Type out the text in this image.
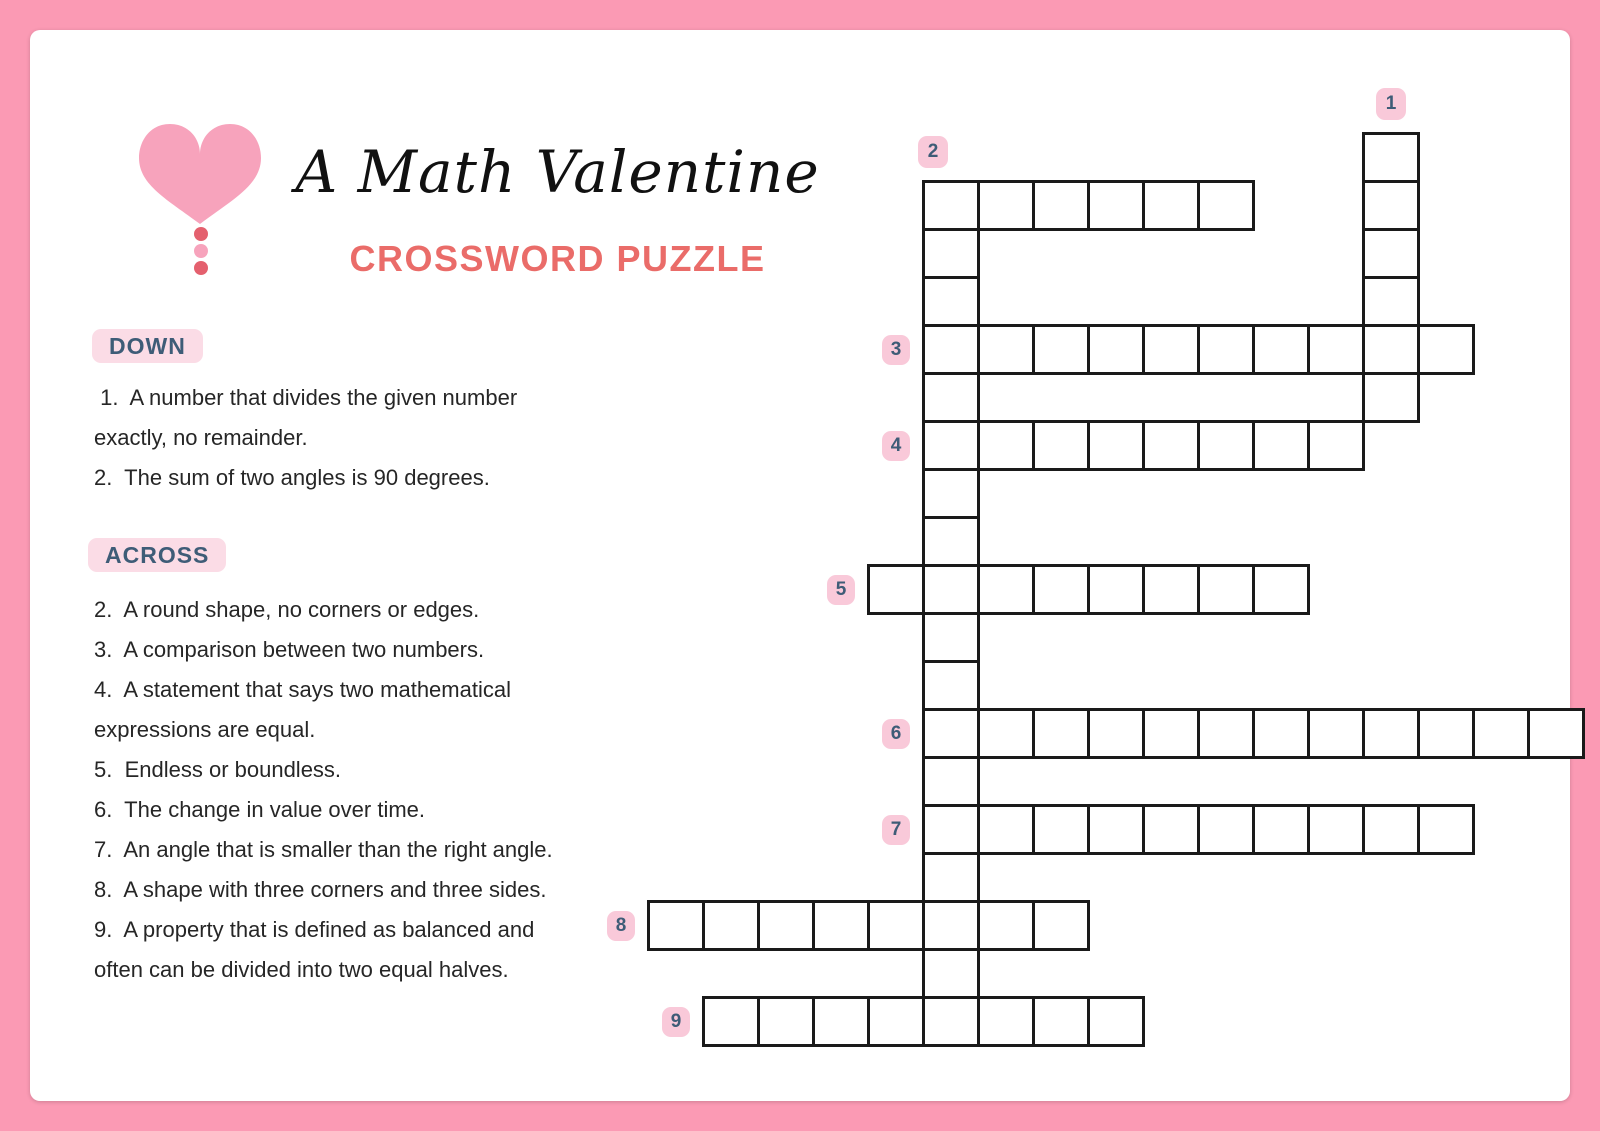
A Math Valentine
CROSSWORD PUZZLE
DOWN
1.  A number that divides the given number
exactly, no remainder.
2.  The sum of two angles is 90 degrees.
ACROSS
2.  A round shape, no corners or edges.
3.  A comparison between two numbers.
4.  A statement that says two mathematical
expressions are equal.
5.  Endless or boundless.
6.  The change in value over time.
7.  An angle that is smaller than the right angle.
8.  A shape with three corners and three sides.
9.  A property that is defined as balanced and
often can be divided into two equal halves.
1
2
3
4
5
6
7
8
9
